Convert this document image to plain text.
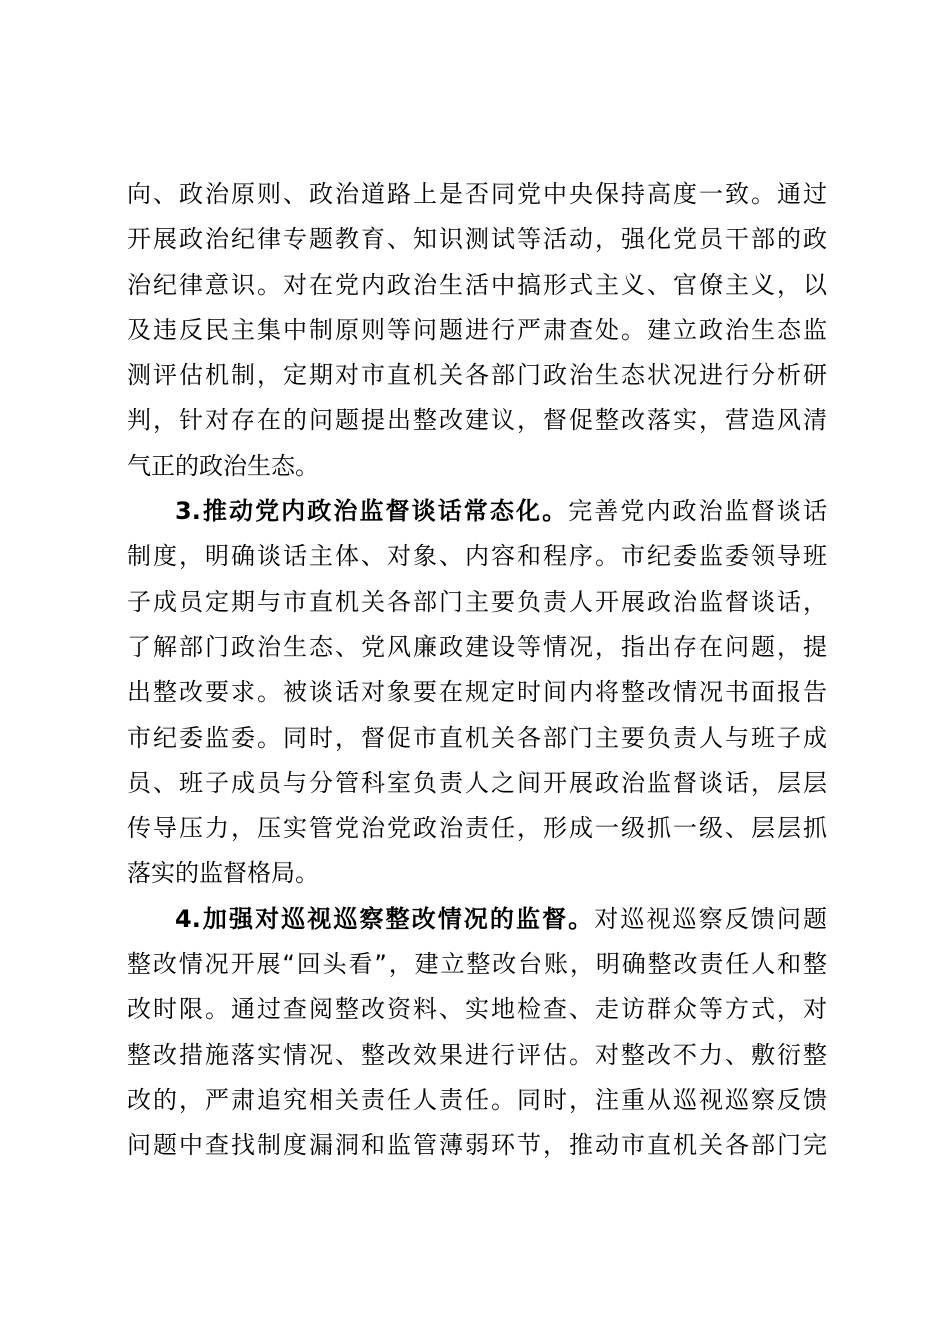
向、政治原则、政治道路上是否同党中央保持高度一致。通过
开展政治纪律专题教育、知识测试等活动，强化党员干部的政
治纪律意识。对在党内政治生活中搞形式主义、官僚主义，以
及违反民主集中制原则等问题进行严肃查处。建立政治生态监
测评估机制，定期对市直机关各部门政治生态状况进行分析研
判，针对存在的问题提出整改建议，督促整改落实，营造风清
气正的政治生态。
3.推动党内政治监督谈话常态化。完善党内政治监督谈话
制度，明确谈话主体、对象、内容和程序。市纪委监委领导班
子成员定期与市直机关各部门主要负责人开展政治监督谈话，
了解部门政治生态、党风廉政建设等情况，指出存在问题，提
出整改要求。被谈话对象要在规定时间内将整改情况书面报告
市纪委监委。同时，督促市直机关各部门主要负责人与班子成
员、班子成员与分管科室负责人之间开展政治监督谈话，层层
传导压力，压实管党治党政治责任，形成一级抓一级、层层抓
落实的监督格局。
4.加强对巡视巡察整改情况的监督。对巡视巡察反馈问题
整改情况开展“回头看”，建立整改台账，明确整改责任人和整
改时限。通过查阅整改资料、实地检查、走访群众等方式，对
整改措施落实情况、整改效果进行评估。对整改不力、敷衍整
改的，严肃追究相关责任人责任。同时，注重从巡视巡察反馈
问题中查找制度漏洞和监管薄弱环节，推动市直机关各部门完
